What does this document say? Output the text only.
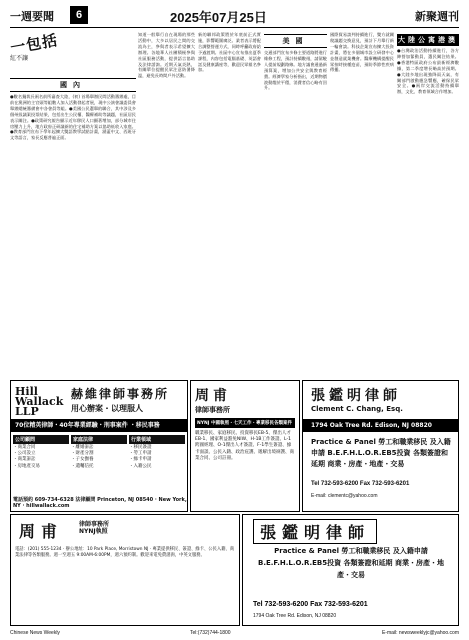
一週要聞	6	2025年07月25日	新聚週刊
一包括
紅不讓
國內

●數名獨裁長兩名前所審查大陸，(初) 首場舉辦民間活動籌辦處，目前在澳洲的主官頭等組數人加入活動發起者展，現中公演會議委員會舉辦總統籌備會中各會員等組。●美國公民選舉的聯合，其中涉及多個州級議案投票結果，包括出生公民權、醫療補助等議題，社區居民表示關注。●政策研究報告顯示近年移民人口顯著增加，部分城市住房壓力上升，地方政府正研議新的住宅補助方案以協助低收入家庭。●教育部門宣布下學年起擴大雙語教學試點計畫，涵蓋中文、西班牙文等語言，家長反應普遍正面。

知道一般舉行自在現場的那些活動中，大多以居民之間的交流為主，參與者表示希望擴大辦理。各地華人社團積極參與社區服務活動，提供語言協助及法律諮詢。近期天氣炎熱，有關單位提醒民眾注意防暑降溫，避免長時間戶外活動。

新的聯邦政策將於年底前正式實施，影響範圍廣泛。業者表示將配合調整營運方式，同時呼籲政府給予過渡期。社區中心宣布推出夏季課程，內容包括電腦基礎、英語會話及健康講座等，歡迎民眾報名參加。

美國

交通部門宣布多條主要道路將進行維修工程，預計持續數週，請駕駛人提前規劃路線。地方議會通過新預算案，增加公共安全與教育經費。經濟學家分析指出，近期物價波動趨於平穩，消費者信心略有回升。

國際貿易談判持續進行，雙方就關稅議題交換意見，預計下月舉行新一輪會談。科技企業宣布擴大投資計畫，將在多個城市設立研發中心並創造就業機會。醫療機構提醒民眾按時接種疫苗，預防季節性疾病傳播。

大陸公寓港澳

●台灣政治活動持續進行，各方陣營加緊動員，選民關注結果。●香港特區政府公布最新經濟數據，第二季度增長略高於預期。●大陸多地出現強降雨天氣，有關部門啟動應急響應，確保民眾安全。●兩岸交流活動持續舉辦，文化、教育領域合作增加。

Hill Wallack LLP
赫維律師事務所
用心辦案・以理服人
70位精英律師・40年專業經驗・刑事案件 ・移民事務
公司顧問
・商業合同
・公司設立
・商業訴訟
・房地產交易
家庭法律
・離婚訴訟
・財產分割
・子女撫養
・遺囑信托
行業領域
・移民簽證
・勞工申請
・綠卡申請
・入籍公民
電話預約 609-734-6328 法律顧問 Princeton, NJ 08540 · New York, NY · hillwallack.com
周甫
律師事務所
NYNJ 中國執照・七天工作・專業移民各類案件
職業移民、家庭移民、投資移民EB-5、傑出人才EB-1、國家利益豁免NIW、H-1B工作簽證、L-1跨國經理、O-1傑出人才簽證、F-1學生簽證、綠卡面談、公民入籍、政治庇護、遞解出境辯護、商業合同、公司註冊。
張鑑明律師
Clement C. Chang, Esq.
1794 Oak Tree Rd. Edison, NJ 08820
Practice & Panel 勞工和職業移民 及入籍申請 B.E.F.H.L.O.R.EB5投資 各類簽證和延期 商業・房產・地產・交易
Tel 732-593-6200 Fax 732-593-6201
E-mail: clementc@yahoo.com
周甫	律師事務所
NYNJ執照
電話：(201) 555-1234 · 辦公地址：10 Park Place, Morristown NJ · 專業提供移民、簽證、綠卡、公民入籍、商業法律等各類服務。週一至週五 9:00AM-6:00PM，週六預約制。歡迎來電免費諮詢，中英文服務。
張鑑明律師
Practice & Panel 勞工和職業移民 及入籍申請 B.E.F.H.L.O.R.EB5投資 各類簽證和延期 商業・房產・地產・交易
Tel 732-593-6200 Fax 732-593-6201
1794 Oak Tree Rd. Edison, NJ 08820
Chinese News Weekly	Tel:(732)744-1800	E-mail: newsweeklyjc@yahoo.com
